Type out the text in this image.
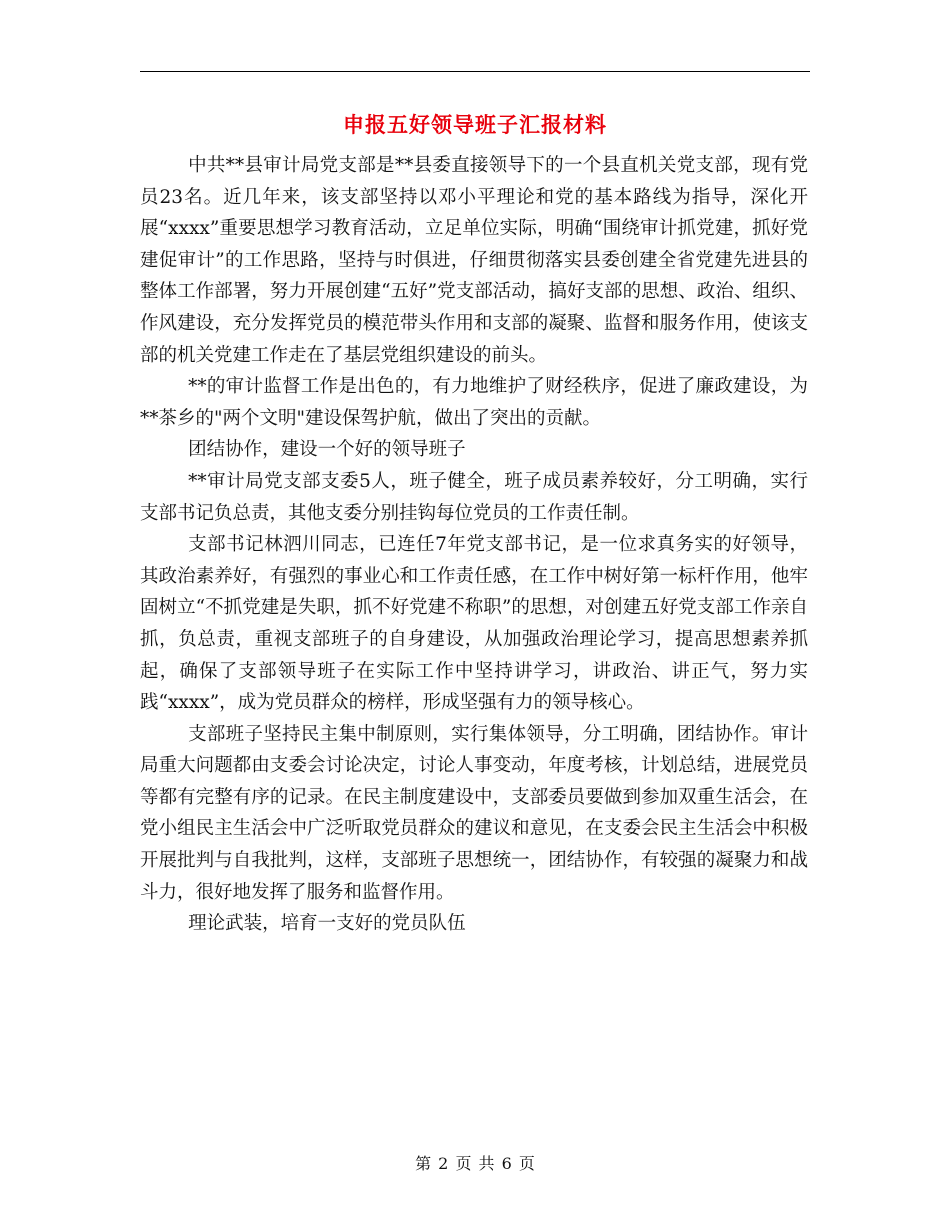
申报五好领导班子汇报材料

中共**县审计局党支部是**县委直接领导下的一个县直机关党支部，现有党员23名。近几年来，该支部坚持以邓小平理论和党的基本路线为指导，深化开展“xxxx”重要思想学习教育活动，立足单位实际，明确“围绕审计抓党建，抓好党建促审计”的工作思路，坚持与时俱进，仔细贯彻落实县委创建全省党建先进县的整体工作部署，努力开展创建“五好”党支部活动，搞好支部的思想、政治、组织、作风建设，充分发挥党员的模范带头作用和支部的凝聚、监督和服务作用，使该支部的机关党建工作走在了基层党组织建设的前头。

**的审计监督工作是出色的，有力地维护了财经秩序，促进了廉政建设，为**茶乡的"两个文明"建设保驾护航，做出了突出的贡献。

团结协作，建设一个好的领导班子

**审计局党支部支委5人，班子健全，班子成员素养较好，分工明确，实行支部书记负总责，其他支委分别挂钩每位党员的工作责任制。

支部书记林泗川同志，已连任7年党支部书记，是一位求真务实的好领导，其政治素养好，有强烈的事业心和工作责任感，在工作中树好第一标杆作用，他牢固树立“不抓党建是失职，抓不好党建不称职”的思想，对创建五好党支部工作亲自抓，负总责，重视支部班子的自身建设，从加强政治理论学习，提高思想素养抓起，确保了支部领导班子在实际工作中坚持讲学习，讲政治、讲正气，努力实践“xxxx”，成为党员群众的榜样，形成坚强有力的领导核心。

支部班子坚持民主集中制原则，实行集体领导，分工明确，团结协作。审计局重大问题都由支委会讨论决定，讨论人事变动，年度考核，计划总结，进展党员等都有完整有序的记录。在民主制度建设中，支部委员要做到参加双重生活会，在党小组民主生活会中广泛听取党员群众的建议和意见，在支委会民主生活会中积极开展批判与自我批判，这样，支部班子思想统一，团结协作，有较强的凝聚力和战斗力，很好地发挥了服务和监督作用。

理论武装，培育一支好的党员队伍

第 2 页 共 6 页
